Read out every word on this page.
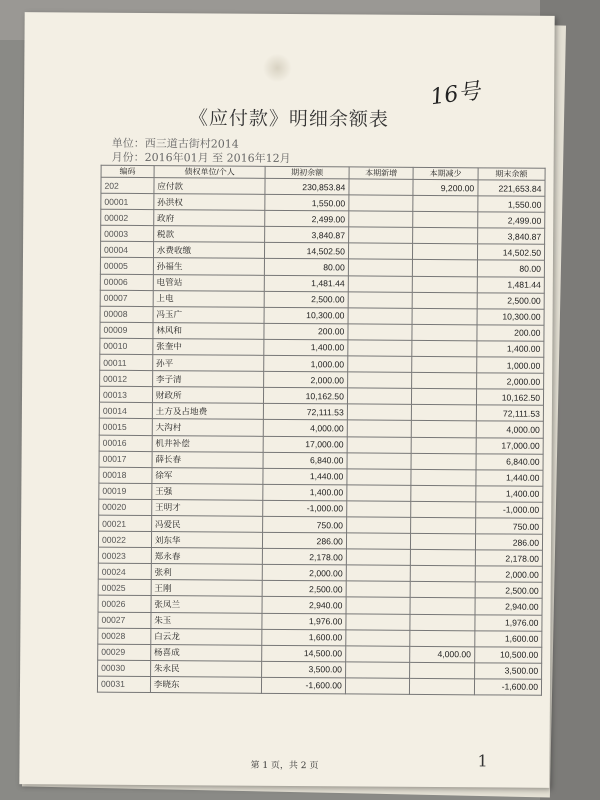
16号
《应付款》明细余额表
单位：西三道古街村2014
月份：2016年01月 至 2016年12月
编码	债权单位/个人	期初余额	本期新增	本期减少	期末余额
202	应付款	230,853.84		9,200.00	221,653.84
00001	孙洪权	1,550.00			1,550.00
00002	政府	2,499.00			2,499.00
00003	税款	3,840.87			3,840.87
00004	水费收缴	14,502.50			14,502.50
00005	孙福生	80.00			80.00
00006	电管站	1,481.44			1,481.44
00007	上电	2,500.00			2,500.00
00008	冯玉广	10,300.00			10,300.00
00009	林风和	200.00			200.00
00010	张奎中	1,400.00			1,400.00
00011	孙平	1,000.00			1,000.00
00012	李子清	2,000.00			2,000.00
00013	财政所	10,162.50			10,162.50
00014	土方及占地费	72,111.53			72,111.53
00015	大沟村	4,000.00			4,000.00
00016	机井补偿	17,000.00			17,000.00
00017	薛长春	6,840.00			6,840.00
00018	徐军	1,440.00			1,440.00
00019	王强	1,400.00			1,400.00
00020	王明才	-1,000.00			-1,000.00
00021	冯爱民	750.00			750.00
00022	刘东华	286.00			286.00
00023	郑永春	2,178.00			2,178.00
00024	张利	2,000.00			2,000.00
00025	王刚	2,500.00			2,500.00
00026	张凤兰	2,940.00			2,940.00
00027	朱玉	1,976.00			1,976.00
00028	白云龙	1,600.00			1,600.00
00029	杨喜成	14,500.00		4,000.00	10,500.00
00030	朱永民	3,500.00			3,500.00
00031	李晓东	-1,600.00			-1,600.00
第 1 页，共 2 页	1
